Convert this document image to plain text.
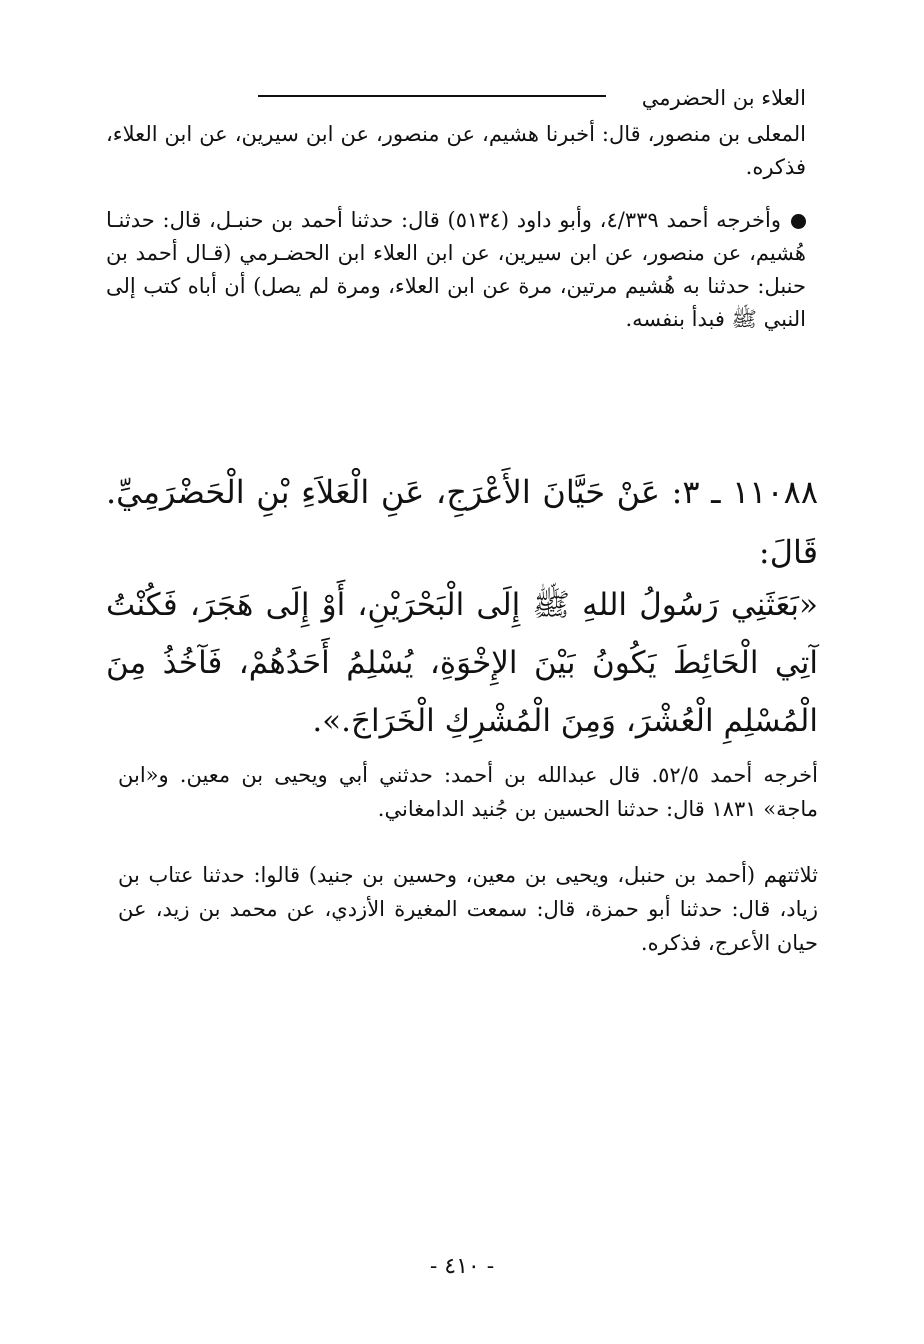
العلاء بن الحضرمي
المعلى بن منصور، قال: أخبرنا هشيم، عن منصور، عن ابن سيرين، عن ابن العلاء، فذكره.
وأخرجه أحمد ٤/٣٣٩، وأبو داود (٥١٣٤) قال: حدثنا أحمد بن حنبـل، قال: حدثنـا هُشيم، عن منصور، عن ابن سيرين، عن ابن العلاء ابن الحضـرمي (قـال أحمد بن حنبل: حدثنا به هُشيم مرتين، مرة عن ابن العلاء، ومرة لم يصل) أن أباه كتب إلى النبي ﷺ فبدأ بنفسه.
١١٠٨٨ ـ ٣: عَنْ حَيَّانَ الأَعْرَجِ، عَنِ الْعَلاَءِ بْنِ الْحَضْرَمِيِّ. قَالَ:
«بَعَثَنِي رَسُولُ اللهِ ﷺ إِلَى الْبَحْرَيْنِ، أَوْ إِلَى هَجَرَ، فَكُنْتُ آتِي الْحَائِطَ يَكُونُ بَيْنَ الإِخْوَةِ، يُسْلِمُ أَحَدُهُمْ، فَآخُذُ مِنَ الْمُسْلِمِ الْعُشْرَ، وَمِنَ الْمُشْرِكِ الْخَرَاجَ.».
أخرجه أحمد ٥٢/٥. قال عبدالله بن أحمد: حدثني أبي ويحيى بن معين. و«ابن ماجة» ١٨٣١ قال: حدثنا الحسين بن جُنيد الدامغاني.
ثلاثتهم (أحمد بن حنبل، ويحيى بن معين، وحسين بن جنيد) قالوا: حدثنا عتاب بن زياد، قال: حدثنا أبو حمزة، قال: سمعت المغيرة الأزدي، عن محمد بن زيد، عن حيان الأعرج، فذكره.
- ٤١٠ -
